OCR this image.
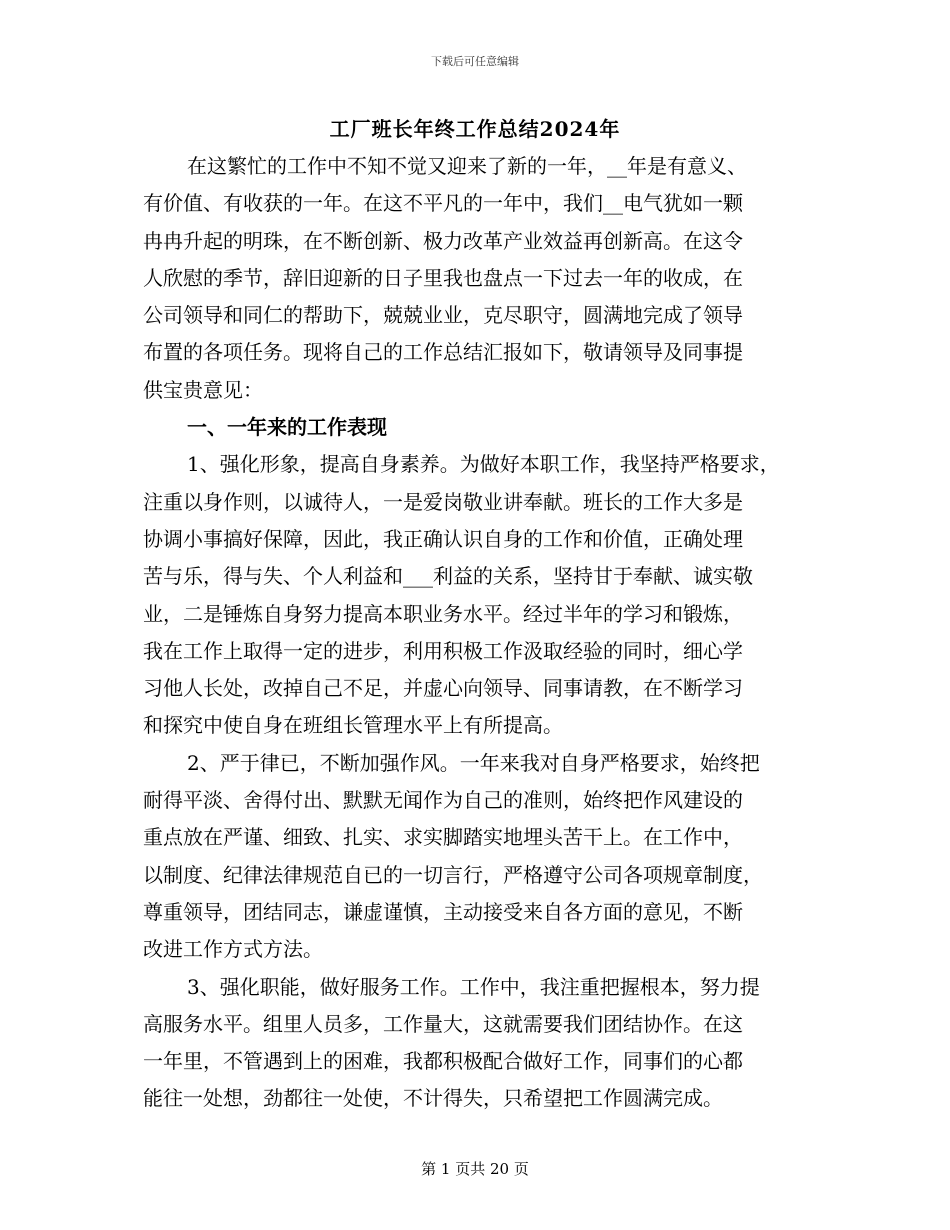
下载后可任意编辑
工厂班长年终工作总结2024年
在这繁忙的工作中不知不觉又迎来了新的一年，__年是有意义、
有价值、有收获的一年。在这不平凡的一年中，我们__电气犹如一颗
冉冉升起的明珠，在不断创新、极力改革产业效益再创新高。在这令
人欣慰的季节，辞旧迎新的日子里我也盘点一下过去一年的收成，在
公司领导和同仁的帮助下，兢兢业业，克尽职守，圆满地完成了领导
布置的各项任务。现将自己的工作总结汇报如下，敬请领导及同事提
供宝贵意见：
一、一年来的工作表现
1、强化形象，提高自身素养。为做好本职工作，我坚持严格要求，
注重以身作则，以诚待人，一是爱岗敬业讲奉献。班长的工作大多是
协调小事搞好保障，因此，我正确认识自身的工作和价值，正确处理
苦与乐，得与失、个人利益和___利益的关系，坚持甘于奉献、诚实敬
业，二是锤炼自身努力提高本职业务水平。经过半年的学习和锻炼，
我在工作上取得一定的进步，利用积极工作汲取经验的同时，细心学
习他人长处，改掉自己不足，并虚心向领导、同事请教，在不断学习
和探究中使自身在班组长管理水平上有所提高。
2、严于律已，不断加强作风。一年来我对自身严格要求，始终把
耐得平淡、舍得付出、默默无闻作为自己的准则，始终把作风建设的
重点放在严谨、细致、扎实、求实脚踏实地埋头苦干上。在工作中，
以制度、纪律法律规范自已的一切言行，严格遵守公司各项规章制度，
尊重领导，团结同志，谦虚谨慎，主动接受来自各方面的意见，不断
改进工作方式方法。
3、强化职能，做好服务工作。工作中，我注重把握根本，努力提
高服务水平。组里人员多，工作量大，这就需要我们团结协作。在这
一年里，不管遇到上的困难，我都积极配合做好工作，同事们的心都
能往一处想，劲都往一处使，不计得失，只希望把工作圆满完成。
第 1 页共 20 页
